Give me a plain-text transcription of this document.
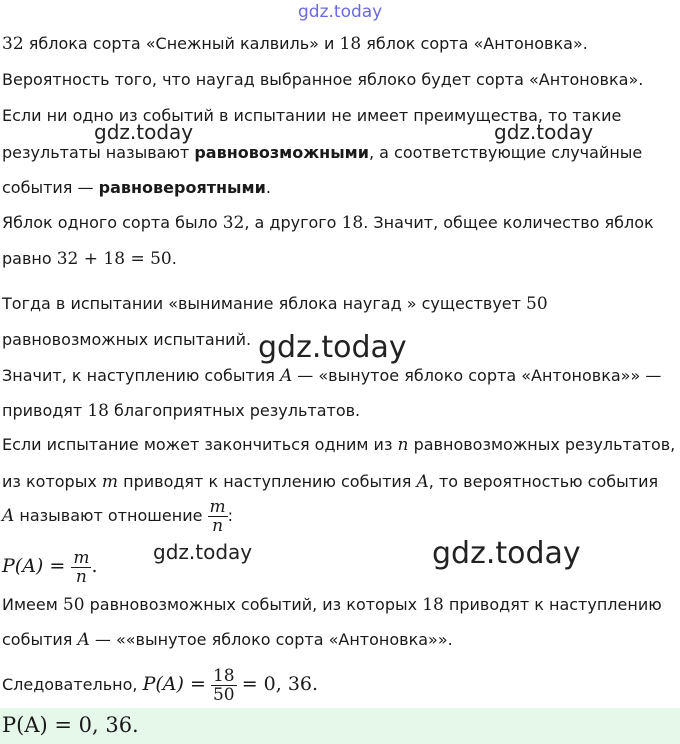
gdz.today
gdz.today	gdz.today
gdz.today
gdz.today	gdz.today
32 яблока сорта «Снежный калвиль» и 18 яблок сорта «Антоновка».
Вероятность того, что наугад выбранное яблоко будет сорта «Антоновка».
Если ни одно из событий в испытании не имеет преимущества, то такие
результаты называют равновозможными, а соответствующие случайные
события — равновероятными.
Яблок одного сорта было 32, а другого 18. Значит, общее количество яблок
равно 32 + 18 = 50.
Тогда в испытании «вынимание яблока наугад » существует 50
равновозможных испытаний.
Значит, к наступлению события A — «вынутое яблоко сорта «Антоновка»» —
приводят 18 благоприятных результатов.
Если испытание может закончиться одним из n равновозможных результатов,
из которых m приводят к наступлению события A, то вероятностью события
A называют отношение $\frac{m}{n}$ :
$P(A) = \frac{m}{n}$ .
Имеем 50 равновозможных событий, из которых 18 приводят к наступлению
события A — ««вынутое яблоко сорта «Антоновка»».
Следовательно, $P(A) = \frac{18}{50} = 0$, 36.
P(A) = 0, 36.
